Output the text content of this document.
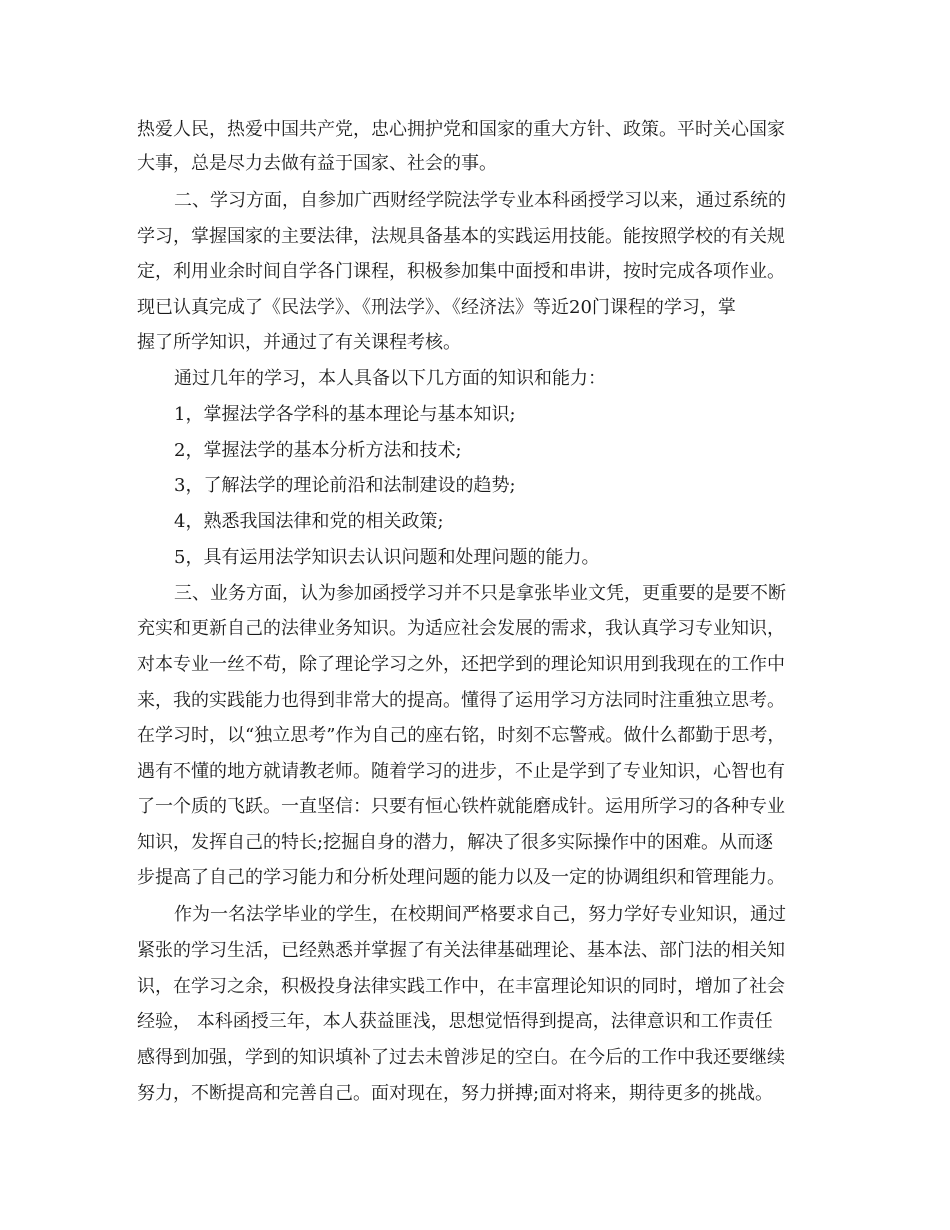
热爱人民，热爱中国共产党，忠心拥护党和国家的重大方针、政策。平时关心国家
大事，总是尽力去做有益于国家、社会的事。
二、学习方面，自参加广西财经学院法学专业本科函授学习以来，通过系统的
学习，掌握国家的主要法律，法规具备基本的实践运用技能。能按照学校的有关规
定，利用业余时间自学各门课程，积极参加集中面授和串讲，按时完成各项作业。
现已认真完成了《民法学》、《刑法学》、《经济法》等近20门课程的学习，掌
握了所学知识，并通过了有关课程考核。
通过几年的学习，本人具备以下几方面的知识和能力：
1，掌握法学各学科的基本理论与基本知识;
2，掌握法学的基本分析方法和技术;
3，了解法学的理论前沿和法制建设的趋势;
4，熟悉我国法律和党的相关政策;
5，具有运用法学知识去认识问题和处理问题的能力。
三、业务方面，认为参加函授学习并不只是拿张毕业文凭，更重要的是要不断
充实和更新自己的法律业务知识。为适应社会发展的需求，我认真学习专业知识，
对本专业一丝不苟，除了理论学习之外，还把学到的理论知识用到我现在的工作中
来，我的实践能力也得到非常大的提高。懂得了运用学习方法同时注重独立思考。
在学习时，以“独立思考”作为自己的座右铭，时刻不忘警戒。做什么都勤于思考，
遇有不懂的地方就请教老师。随着学习的进步，不止是学到了专业知识，心智也有
了一个质的飞跃。一直坚信：只要有恒心铁杵就能磨成针。运用所学习的各种专业
知识，发挥自己的特长;挖掘自身的潜力，解决了很多实际操作中的困难。从而逐
步提高了自己的学习能力和分析处理问题的能力以及一定的协调组织和管理能力。
作为一名法学毕业的学生，在校期间严格要求自己，努力学好专业知识，通过
紧张的学习生活，已经熟悉并掌握了有关法律基础理论、基本法、部门法的相关知
识，在学习之余，积极投身法律实践工作中，在丰富理论知识的同时，增加了社会
经验， 本科函授三年，本人获益匪浅，思想觉悟得到提高，法律意识和工作责任
感得到加强，学到的知识填补了过去未曾涉足的空白。在今后的工作中我还要继续
努力，不断提高和完善自己。面对现在，努力拼搏;面对将来，期待更多的挑战。
